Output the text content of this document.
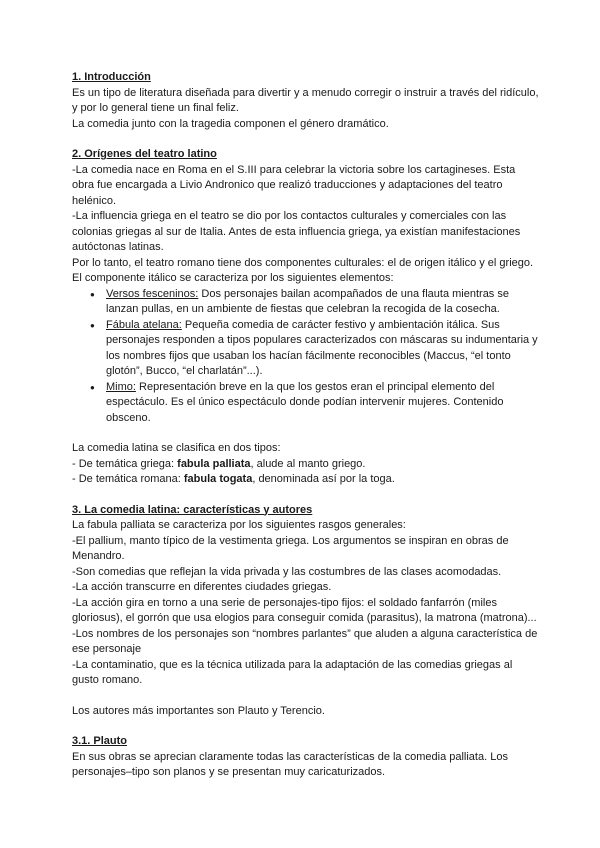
1. Introducción

Es un tipo de literatura diseñada para divertir y a menudo corregir o instruir a través del ridículo, y por lo general tiene un final feliz.

La comedia junto con la tragedia componen el género dramático.

2. Orígenes del teatro latino

-La comedia nace en Roma en el S.III para celebrar la victoria sobre los cartagineses. Esta obra fue encargada a Livio Andronico que realizó traducciones y adaptaciones del teatro helénico.

-La influencia griega en el teatro se dio por los contactos culturales y comerciales con las colonias griegas al sur de Italia. Antes de esta influencia griega, ya existían manifestaciones autóctonas latinas.

Por lo tanto, el teatro romano tiene dos componentes culturales: el de origen itálico y el griego.

El componente itálico se caracteriza por los siguientes elementos:

● Versos fesceninos: Dos personajes bailan acompañados de una flauta mientras se lanzan pullas, en un ambiente de fiestas que celebran la recogida de la cosecha.
● Fábula atelana: Pequeña comedia de carácter festivo y ambientación itálica. Sus personajes responden a tipos populares caracterizados con máscaras su indumentaria y los nombres fijos que usaban los hacían fácilmente reconocibles (Maccus, “el tonto glotón”, Bucco, “el charlatán”...).
● Mimo: Representación breve en la que los gestos eran el principal elemento del espectáculo. Es el único espectáculo donde podían intervenir mujeres. Contenido obsceno.

La comedia latina se clasifica en dos tipos:

- De temática griega: fabula palliata, alude al manto griego.

- De temática romana: fabula togata, denominada así por la toga.

3. La comedia latina: características y autores

La fabula palliata se caracteriza por los siguientes rasgos generales:

-El pallium, manto típico de la vestimenta griega. Los argumentos se inspiran en obras de Menandro.

-Son comedias que reflejan la vida privada y las costumbres de las clases acomodadas.

-La acción transcurre en diferentes ciudades griegas.

-La acción gira en torno a una serie de personajes-tipo fijos: el soldado fanfarrón (miles gloriosus), el gorrón que usa elogios para conseguir comida (parasitus), la matrona (matrona)...

-Los nombres de los personajes son “nombres parlantes” que aluden a alguna característica de ese personaje

-La contaminatio, que es la técnica utilizada para la adaptación de las comedias griegas al gusto romano.

Los autores más importantes son Plauto y Terencio.

3.1. Plauto

En sus obras se aprecian claramente todas las características de la comedia palliata. Los personajes–tipo son planos y se presentan muy caricaturizados.
